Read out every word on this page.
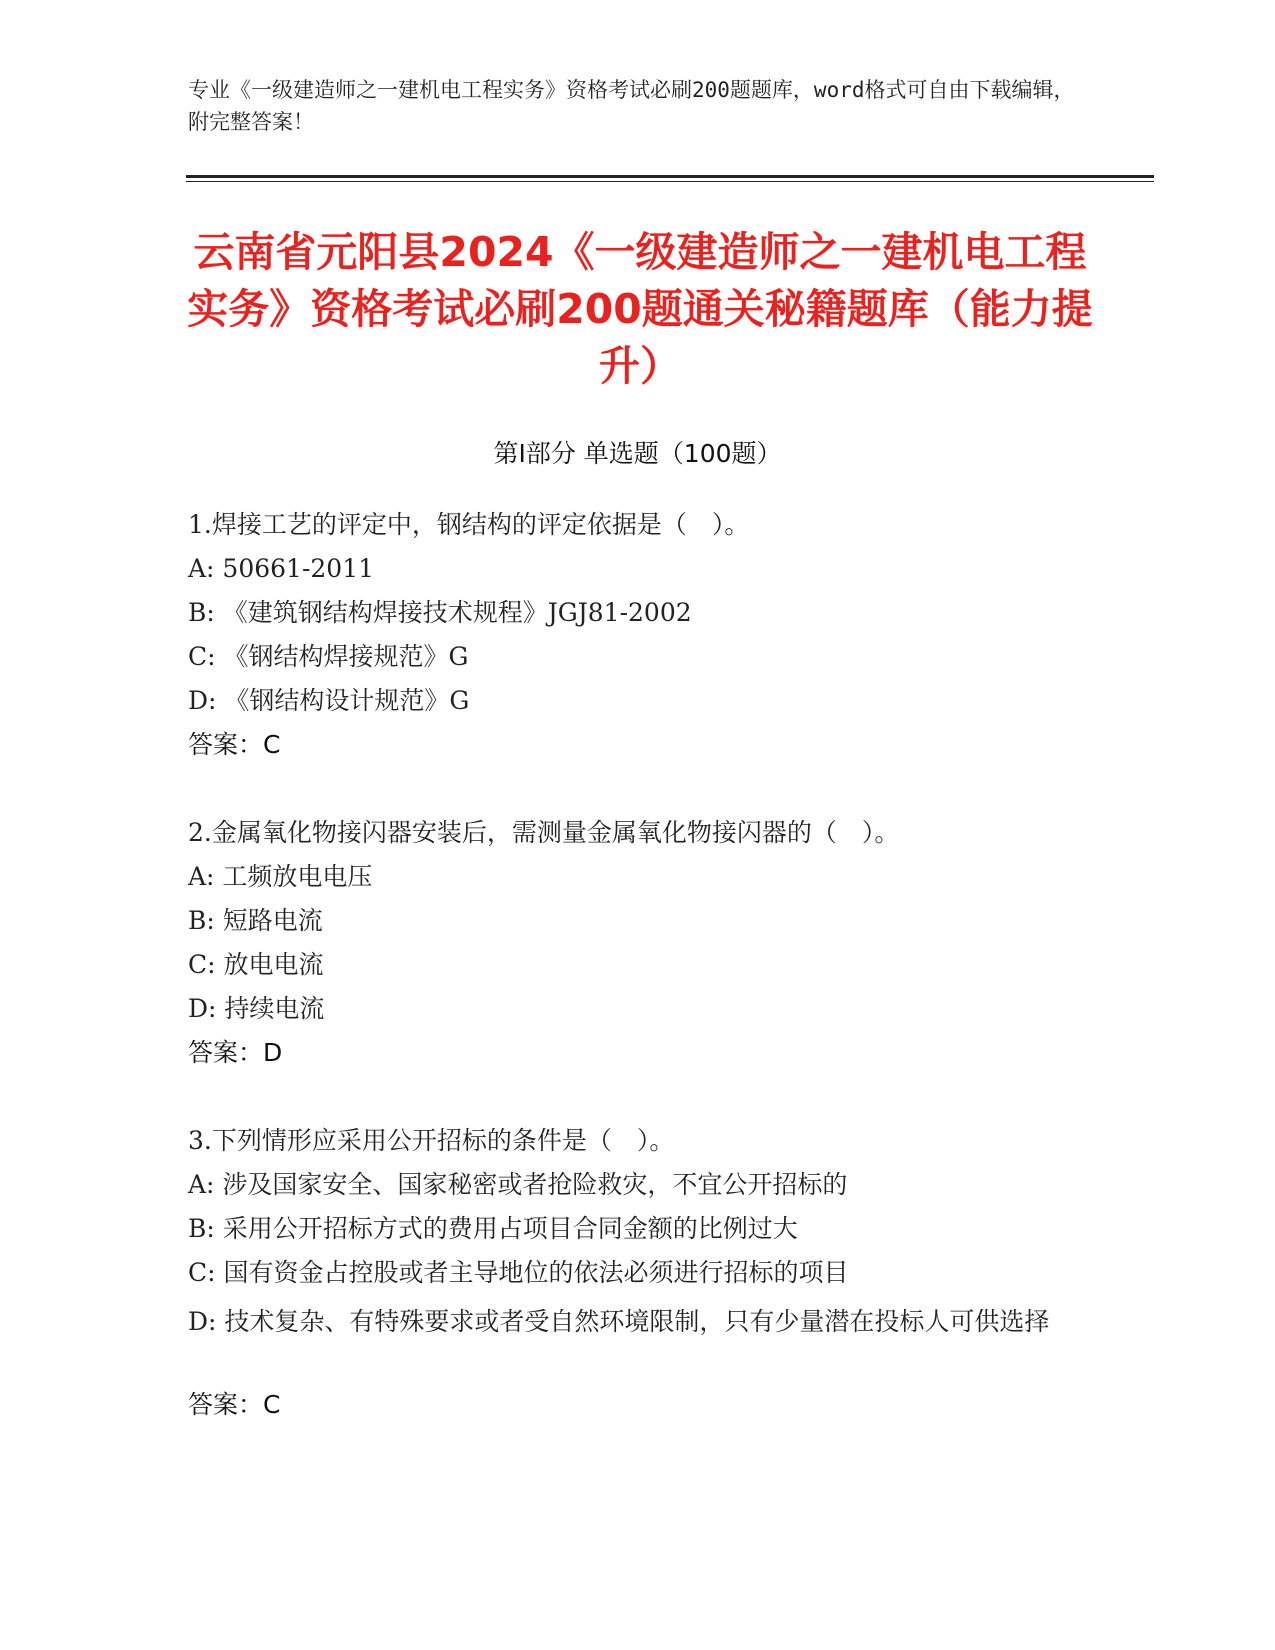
专业《一级建造师之一建机电工程实务》资格考试必刷200题题库，word格式可自由下载编辑，附完整答案！
云南省元阳县2024《一级建造师之一建机电工程实务》资格考试必刷200题通关秘籍题库（能力提升）
第Ⅰ部分 单选题（100题）
1.焊接工艺的评定中，钢结构的评定依据是（　）。
A: 50661-2011
B: 《建筑钢结构焊接技术规程》JGJ81-2002
C: 《钢结构焊接规范》G
D: 《钢结构设计规范》G
答案：C
2.金属氧化物接闪器安装后，需测量金属氧化物接闪器的（　）。
A: 工频放电电压
B: 短路电流
C: 放电电流
D: 持续电流
答案：D
3.下列情形应采用公开招标的条件是（　）。
A: 涉及国家安全、国家秘密或者抢险救灾，不宜公开招标的
B: 采用公开招标方式的费用占项目合同金额的比例过大
C: 国有资金占控股或者主导地位的依法必须进行招标的项目
D: 技术复杂、有特殊要求或者受自然环境限制，只有少量潜在投标人可供选择
答案：C
